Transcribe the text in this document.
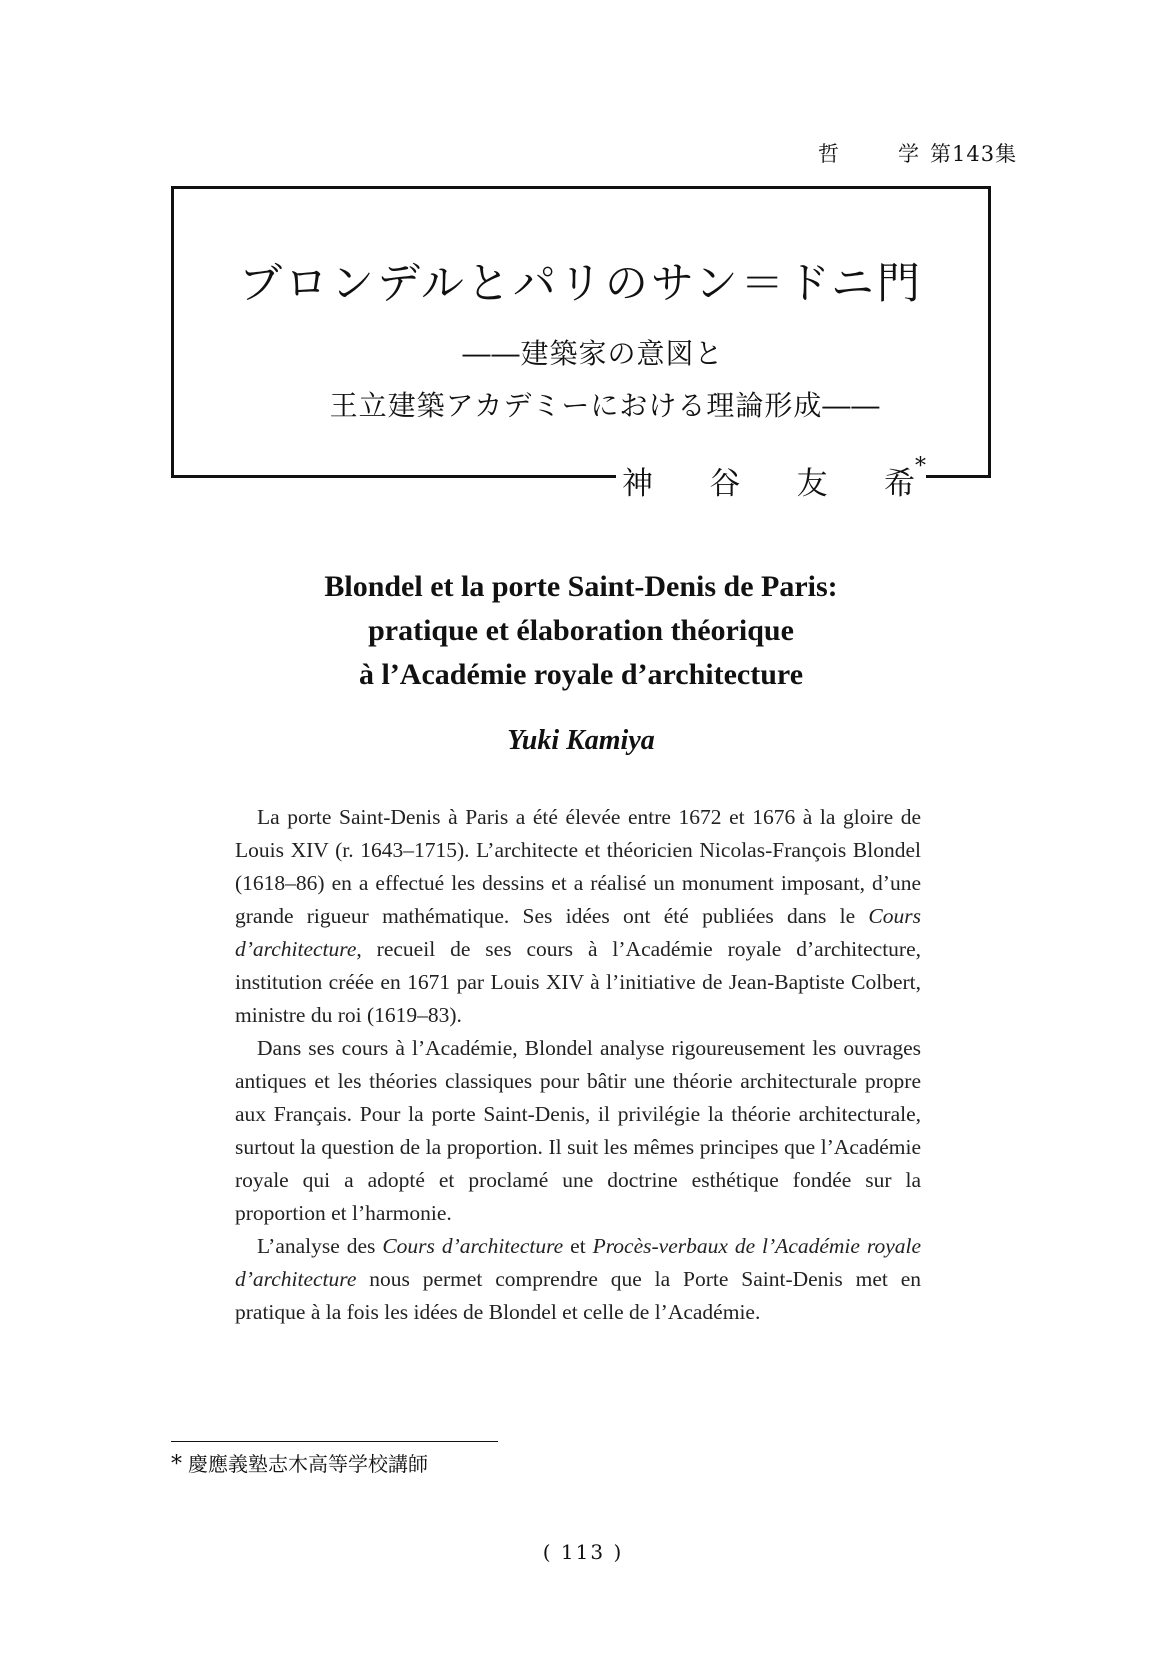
哲	学 第143集
ブロンデルとパリのサン＝ドニ門
――建築家の意図と
王立建築アカデミーにおける理論形成――
神 谷 友 希*
Blondel et la porte Saint-Denis de Paris:
pratique et élaboration théorique
à l’Académie royale d’architecture
Yuki Kamiya

La porte Saint-Denis à Paris a été élevée entre 1672 et 1676 à la gloire de Louis XIV (r. 1643–1715). L’architecte et théoricien Nicolas-François Blondel (1618–86) en a effectué les dessins et a réalisé un monument imposant, d’une grande rigueur mathématique. Ses idées ont été publiées dans le Cours d’architecture, recueil de ses cours à l’Académie royale d’architecture, institution créée en 1671 par Louis XIV à l’initiative de Jean-Baptiste Colbert, ministre du roi (1619–83).

Dans ses cours à l’Académie, Blondel analyse rigoureusement les ouvrages antiques et les théories classiques pour bâtir une théorie architecturale propre aux Français. Pour la porte Saint-Denis, il privilégie la théorie architecturale, surtout la question de la proportion. Il suit les mêmes principes que l’Académie royale qui a adopté et proclamé une doctrine esthétique fondée sur la proportion et l’harmonie.

L’analyse des Cours d’architecture et Procès-verbaux de l’Académie royale d’architecture nous permet comprendre que la Porte Saint-Denis met en pratique à la fois les idées de Blondel et celle de l’Académie.

* 慶應義塾志木高等学校講師
( 113 )
